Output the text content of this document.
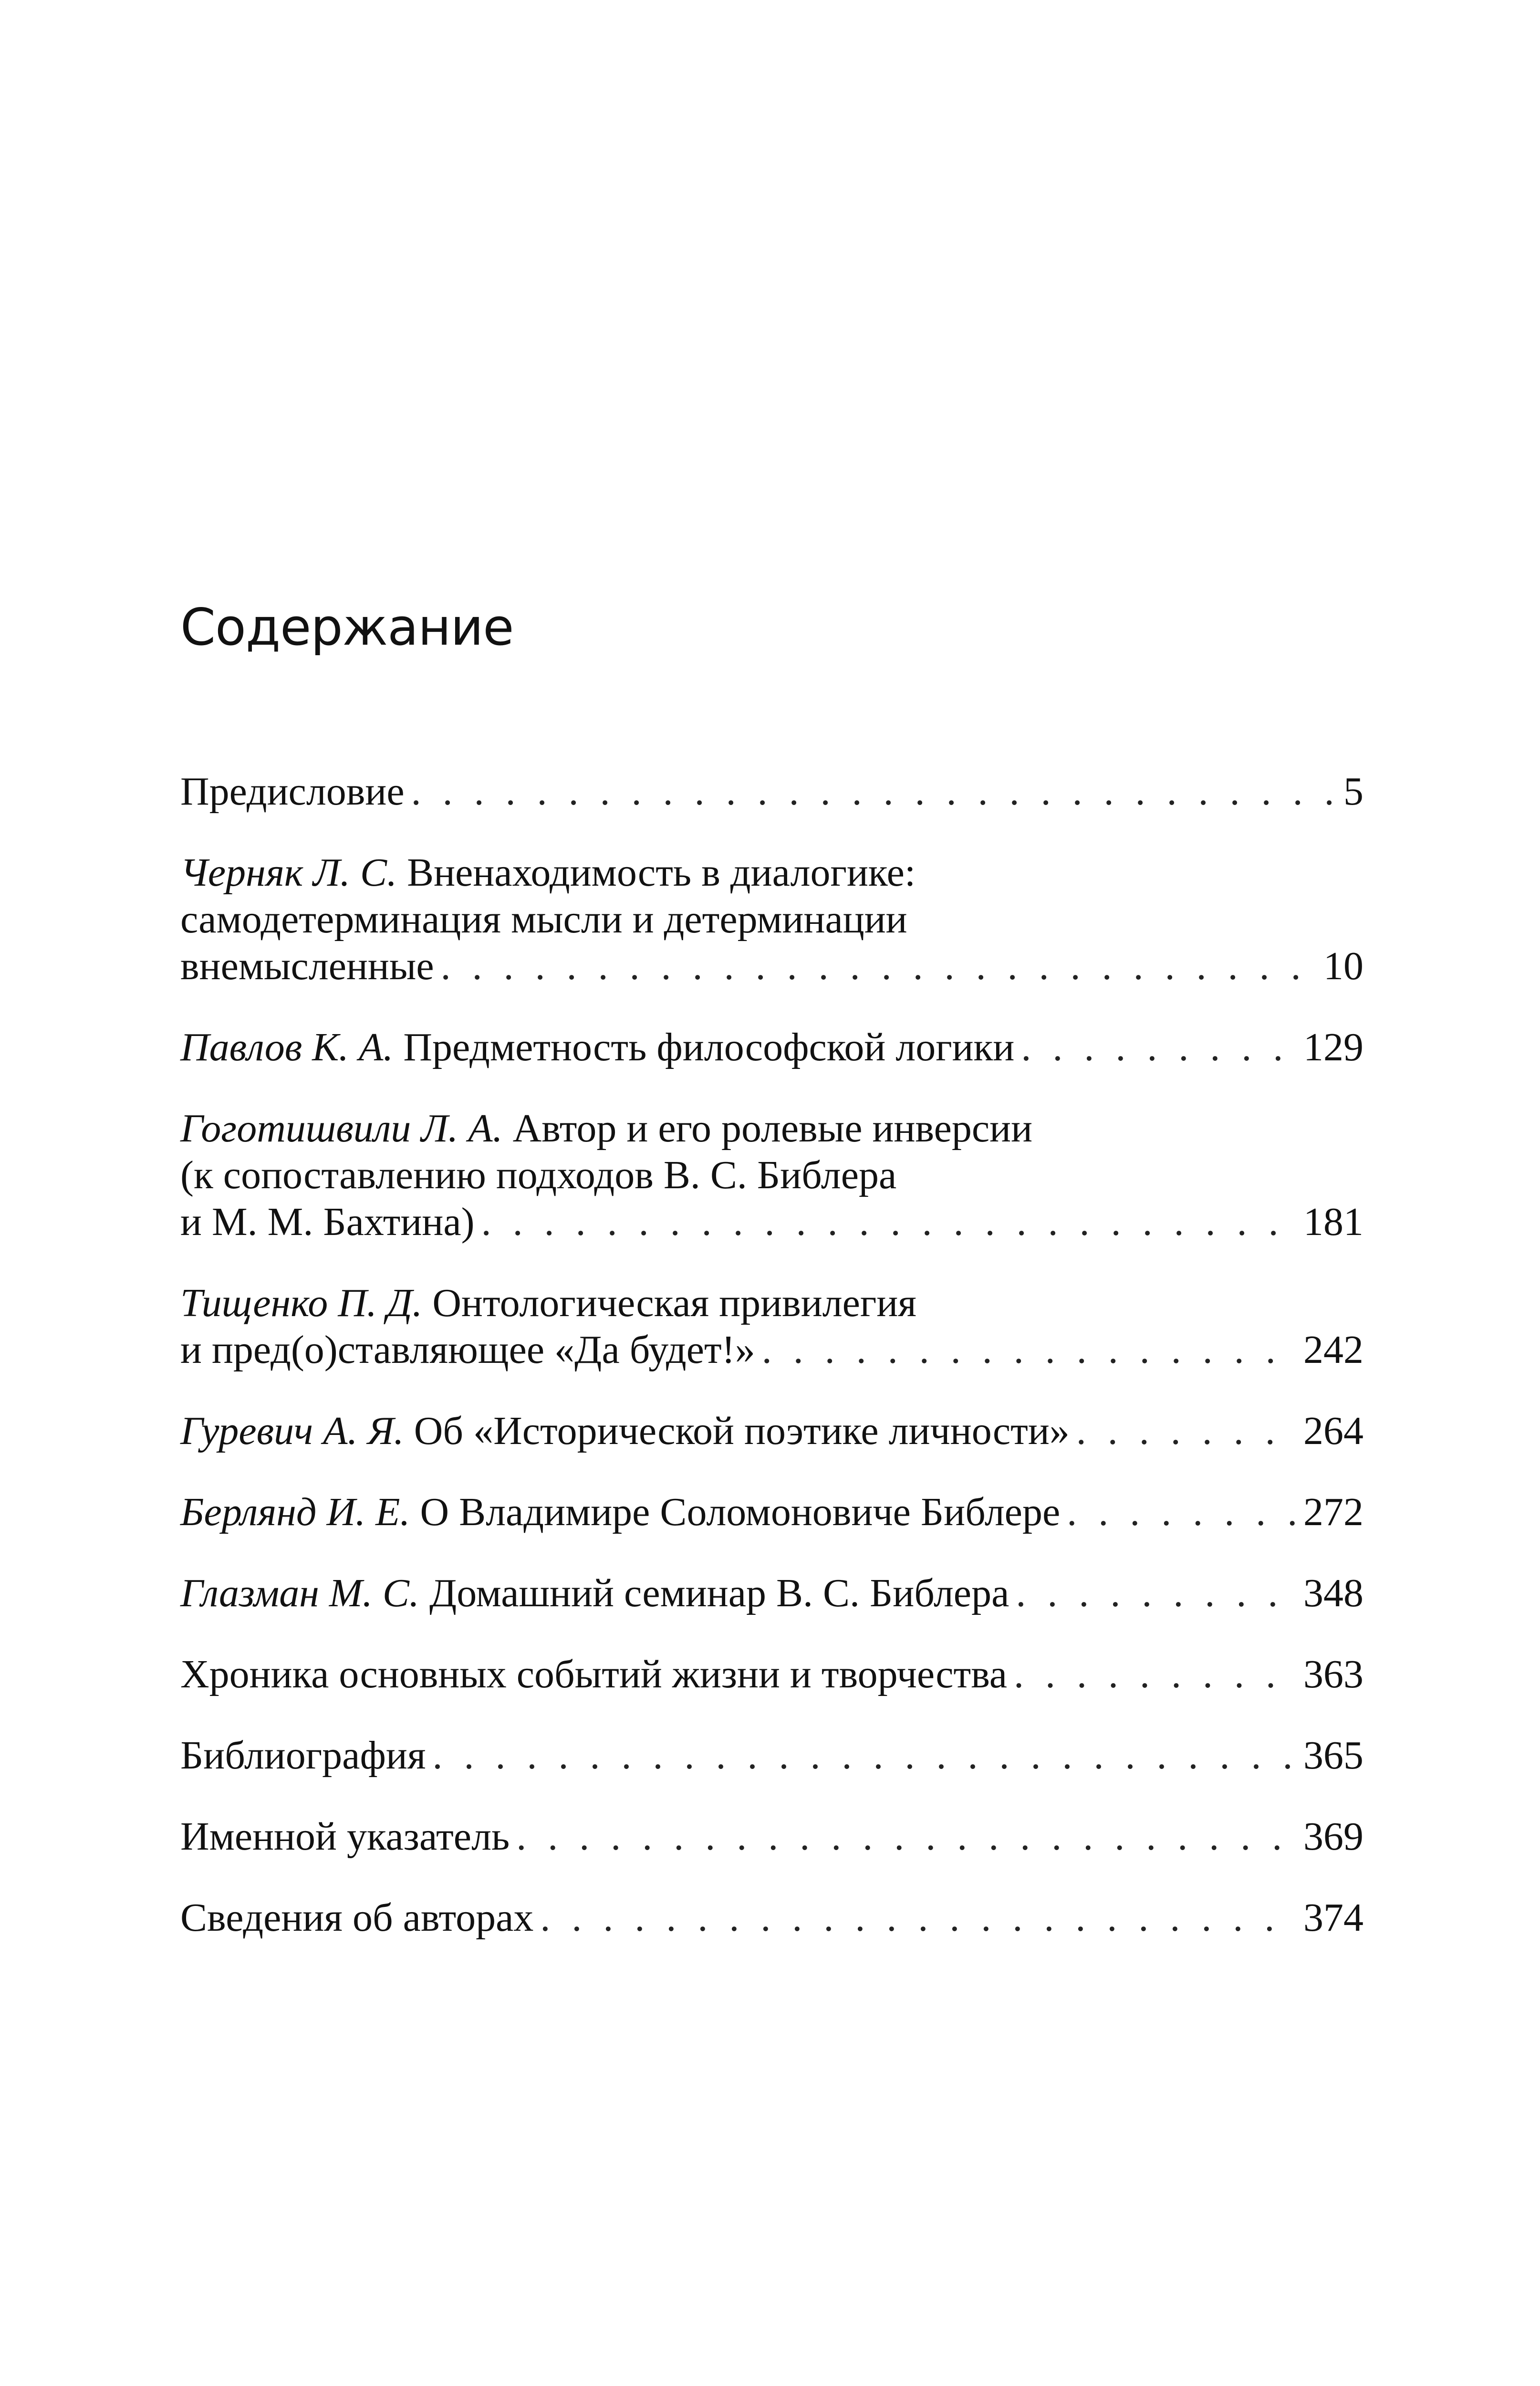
Содержание
Предисловие . . .	5
Черняк Л. С. Вненаходимость в диалогике:
самодетерминация мысли и детерминации
внемысленные . . .	10
Павлов К. А. Предметность философской логики . . .	129
Гоготишвили Л. А. Автор и его ролевые инверсии
(к сопоставлению подходов В. С. Библера
и М. М. Бахтина) . . .	181
Тищенко П. Д. Онтологическая привилегия
и пред(о)ставляющее «Да будет!» . . .	242
Гуревич А. Я. Об «Исторической поэтике личности» . . .	264
Берлянд И. Е. О Владимире Соломоновиче Библере . . .	272
Глазман М. С. Домашний семинар В. С. Библера . . .	348
Хроника основных событий жизни и творчества . . .	363
Библиография . . .	365
Именной указатель . . .	369
Сведения об авторах . . .	374
